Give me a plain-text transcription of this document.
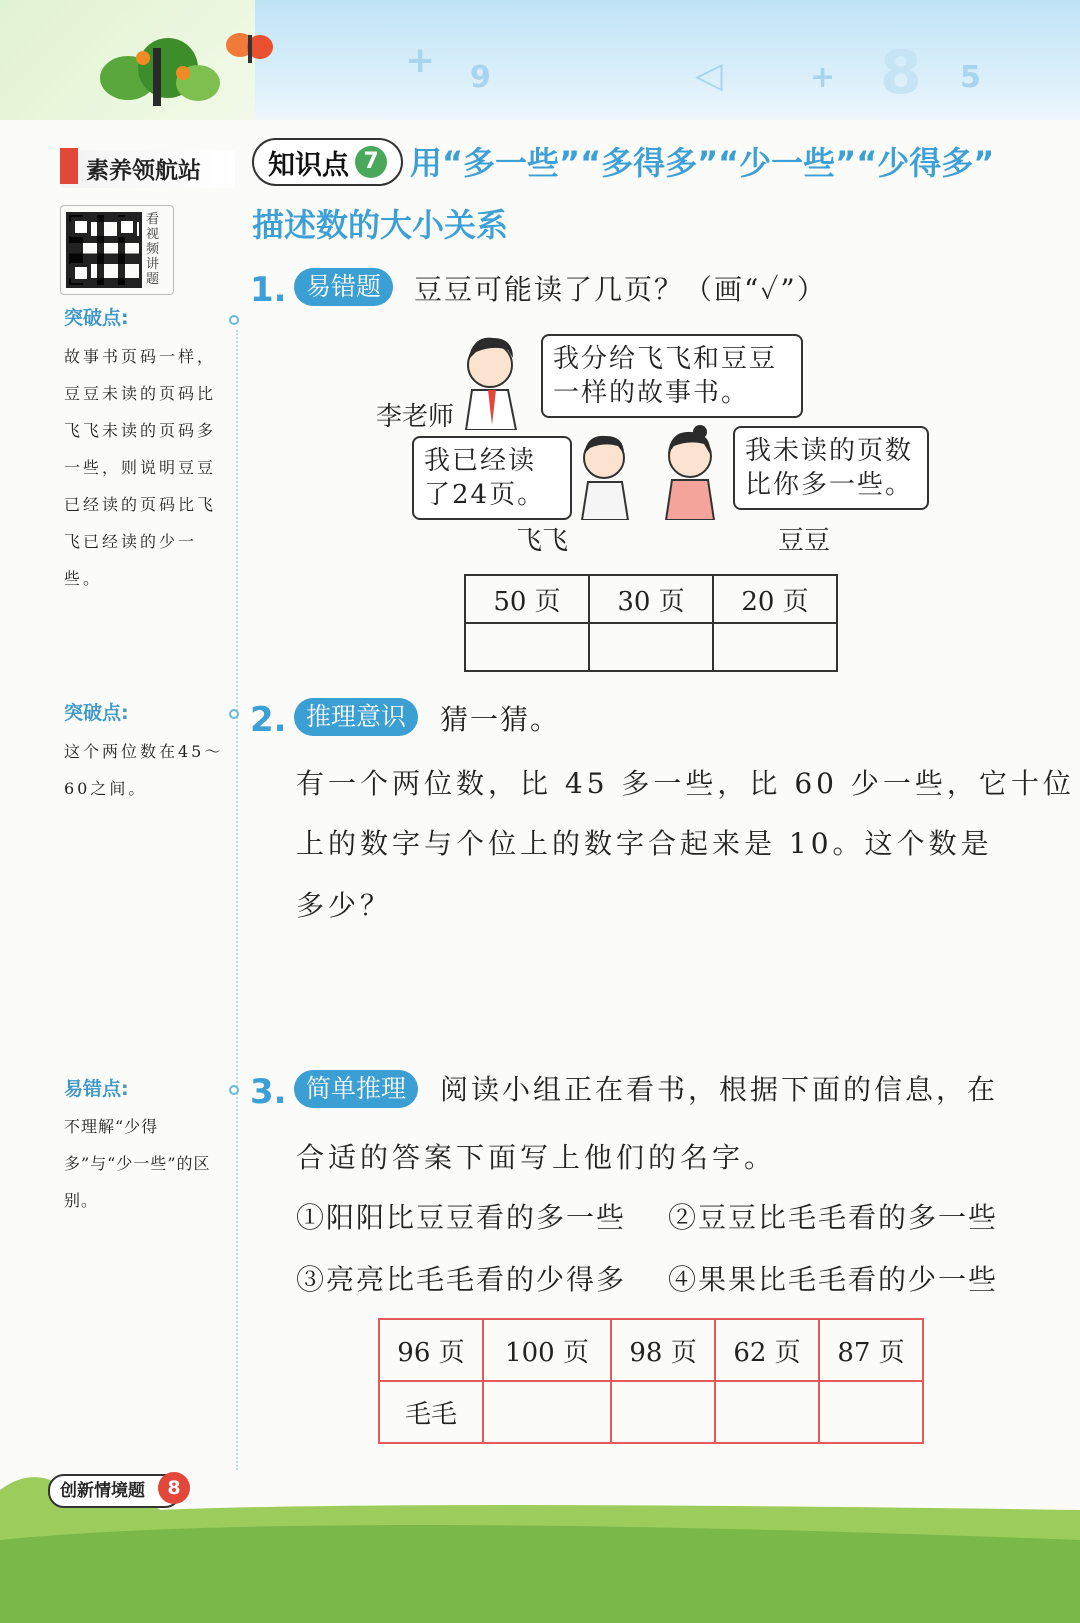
+ 9	◁	+ 8 5
素养领航站
看视频讲题
突破点:
故事书页码一样，豆豆未读的页码比飞飞未读的页码多一些，则说明豆豆已经读的页码比飞飞已经读的少一些。
突破点:
这个两位数在45～60之间。
易错点:
不理解“少得多”与“少一些”的区别。
知识点 7 用“多一些”“多得多”“少一些”“少得多”
描述数的大小关系
1. 易错题	豆豆可能读了几页？（画“✓”）
李老师
我分给飞飞和豆豆
一样的故事书。
我已经读
了24页。
我未读的页数
比你多一些。
飞飞	豆豆
50 页	30 页	20 页

2. 推理意识	猜一猜。
有一个两位数，比 45 多一些，比 60 少一些，它十位
上的数字与个位上的数字合起来是 10。这个数是
多少？
3. 简单推理	阅读小组正在看书，根据下面的信息，在
合适的答案下面写上他们的名字。
①阳阳比豆豆看的多一些 ②豆豆比毛毛看的多一些
③亮亮比毛毛看的少得多 ④果果比毛毛看的少一些
96 页	100 页	98 页	62 页	87 页
毛毛				
创新情境题	8
